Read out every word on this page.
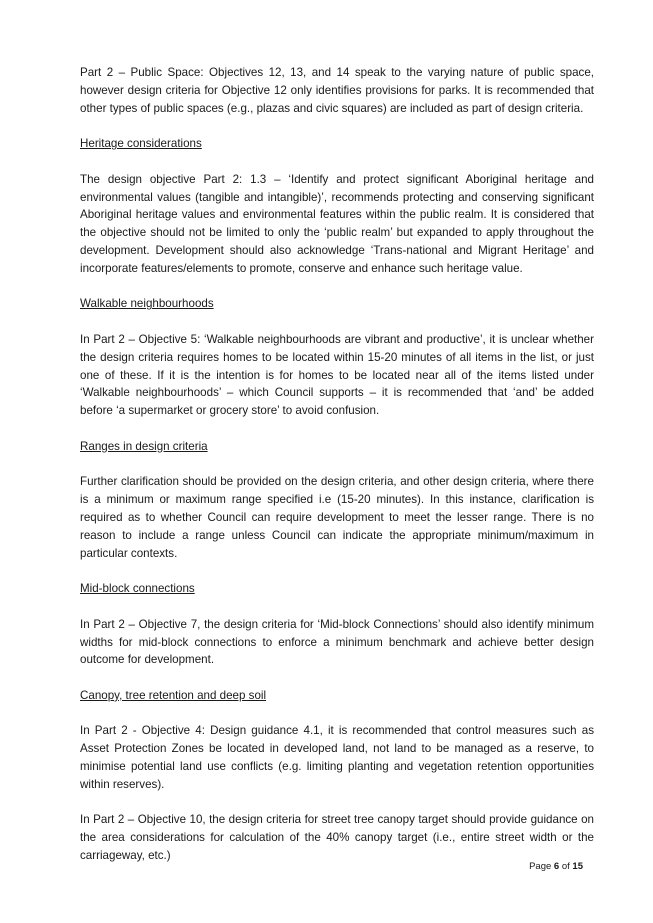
Part 2 – Public Space: Objectives 12, 13, and 14 speak to the varying nature of public space, however design criteria for Objective 12 only identifies provisions for parks. It is recommended that other types of public spaces (e.g., plazas and civic squares) are included as part of design criteria.

Heritage considerations

The design objective Part 2: 1.3 – ‘Identify and protect significant Aboriginal heritage and environmental values (tangible and intangible)’, recommends protecting and conserving significant Aboriginal heritage values and environmental features within the public realm. It is considered that the objective should not be limited to only the ‘public realm’ but expanded to apply throughout the development. Development should also acknowledge ‘Trans-national and Migrant Heritage’ and incorporate features/elements to promote, conserve and enhance such heritage value.

Walkable neighbourhoods

In Part 2 – Objective 5: ‘Walkable neighbourhoods are vibrant and productive’, it is unclear whether the design criteria requires homes to be located within 15-20 minutes of all items in the list, or just one of these. If it is the intention is for homes to be located near all of the items listed under ‘Walkable neighbourhoods’ – which Council supports – it is recommended that ‘and’ be added before ‘a supermarket or grocery store’ to avoid confusion.

Ranges in design criteria

Further clarification should be provided on the design criteria, and other design criteria, where there is a minimum or maximum range specified i.e (15-20 minutes). In this instance, clarification is required as to whether Council can require development to meet the lesser range. There is no reason to include a range unless Council can indicate the appropriate minimum/maximum in particular contexts.

Mid-block connections

In Part 2 – Objective 7, the design criteria for ‘Mid-block Connections’ should also identify minimum widths for mid-block connections to enforce a minimum benchmark and achieve better design outcome for development.

Canopy, tree retention and deep soil

In Part 2 - Objective 4: Design guidance 4.1, it is recommended that control measures such as Asset Protection Zones be located in developed land, not land to be managed as a reserve, to minimise potential land use conflicts (e.g. limiting planting and vegetation retention opportunities within reserves).

In Part 2 – Objective 10, the design criteria for street tree canopy target should provide guidance on the area considerations for calculation of the 40% canopy target (i.e., entire street width or the carriageway, etc.)

Page 6 of 15
